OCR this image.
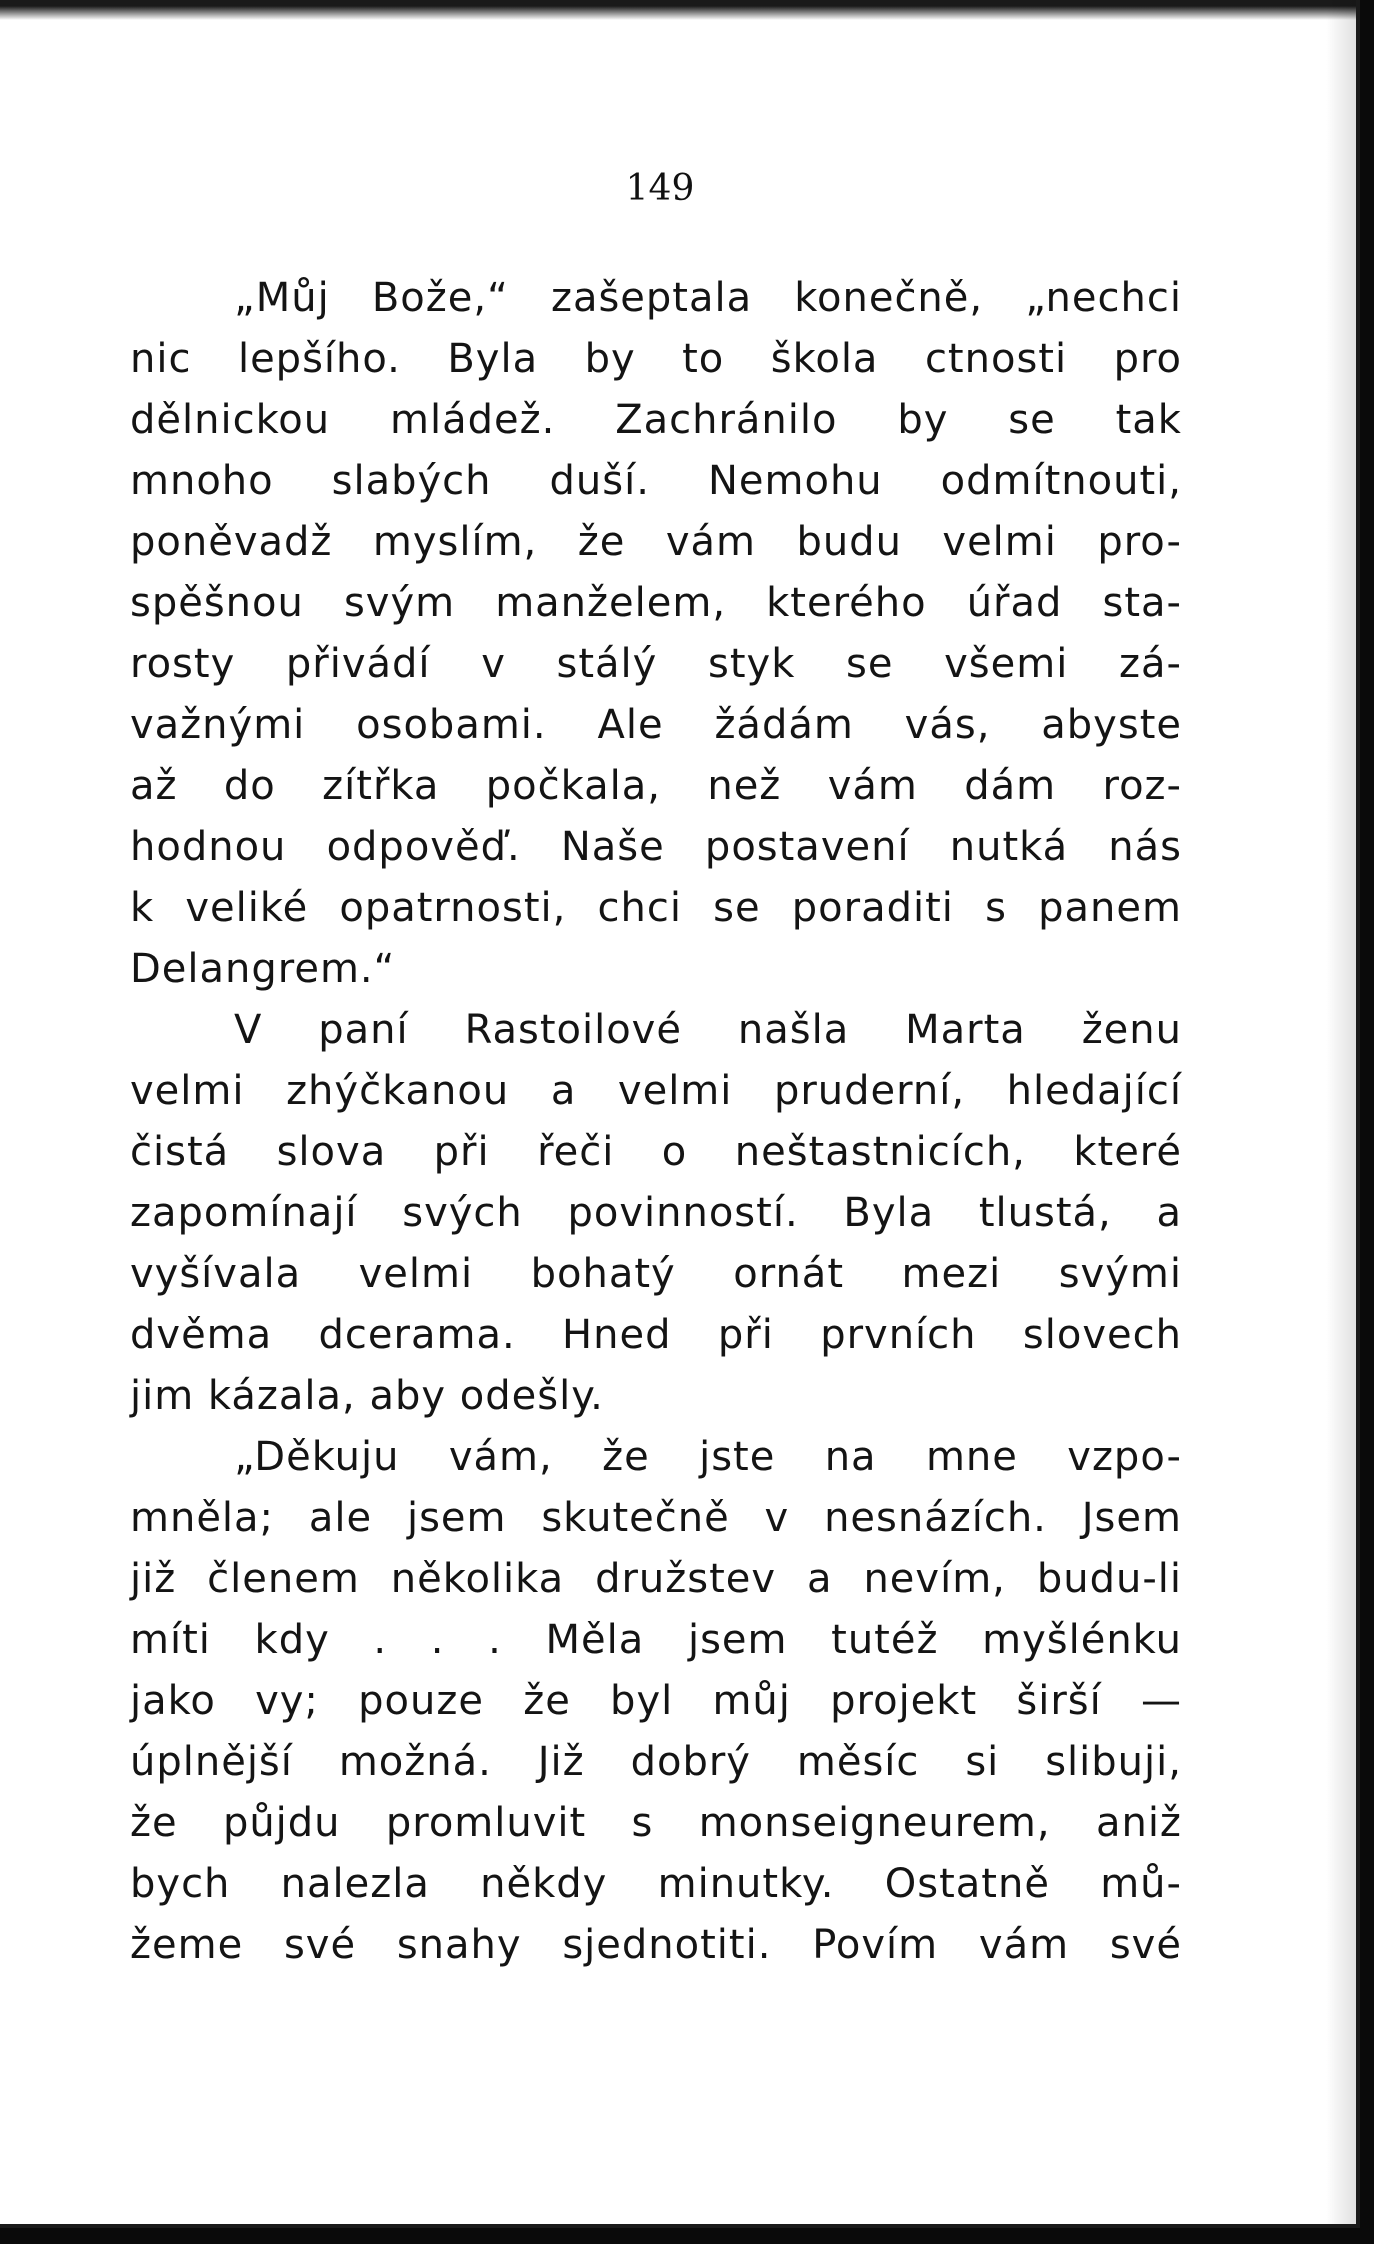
149
„Můj Bože,“ zašeptala konečně, „nechci
nic lepšího. Byla by to škola ctnosti pro
dělnickou mládež. Zachránilo by se tak
mnoho slabých duší. Nemohu odmítnouti,
poněvadž myslím, že vám budu velmi pro-
spěšnou svým manželem, kterého úřad sta-
rosty přivádí v stálý styk se všemi zá-
važnými osobami. Ale žádám vás, abyste
až do zítřka počkala, než vám dám roz-
hodnou odpověď. Naše postavení nutká nás
k veliké opatrnosti, chci se poraditi s panem
Delangrem.“
V paní Rastoilové našla Marta ženu
velmi zhýčkanou a velmi pruderní, hledající
čistá slova při řeči o neštastnicích, které
zapomínají svých povinností. Byla tlustá, a
vyšívala velmi bohatý ornát mezi svými
dvěma dcerama. Hned při prvních slovech
jim
kázala,
aby
odešly.
„Děkuju vám, že jste na mne vzpo-
mněla; ale jsem skutečně v nesnázích. Jsem
již členem několika družstev a nevím, budu-li
míti kdy . . . Měla jsem tutéž myšlénku
jako vy; pouze že byl můj projekt širší —
úplnější možná. Již dobrý měsíc si slibuji,
že půjdu promluvit s monseigneurem, aniž
bych nalezla někdy minutky. Ostatně mů-
žeme své snahy sjednotiti. Povím vám své
